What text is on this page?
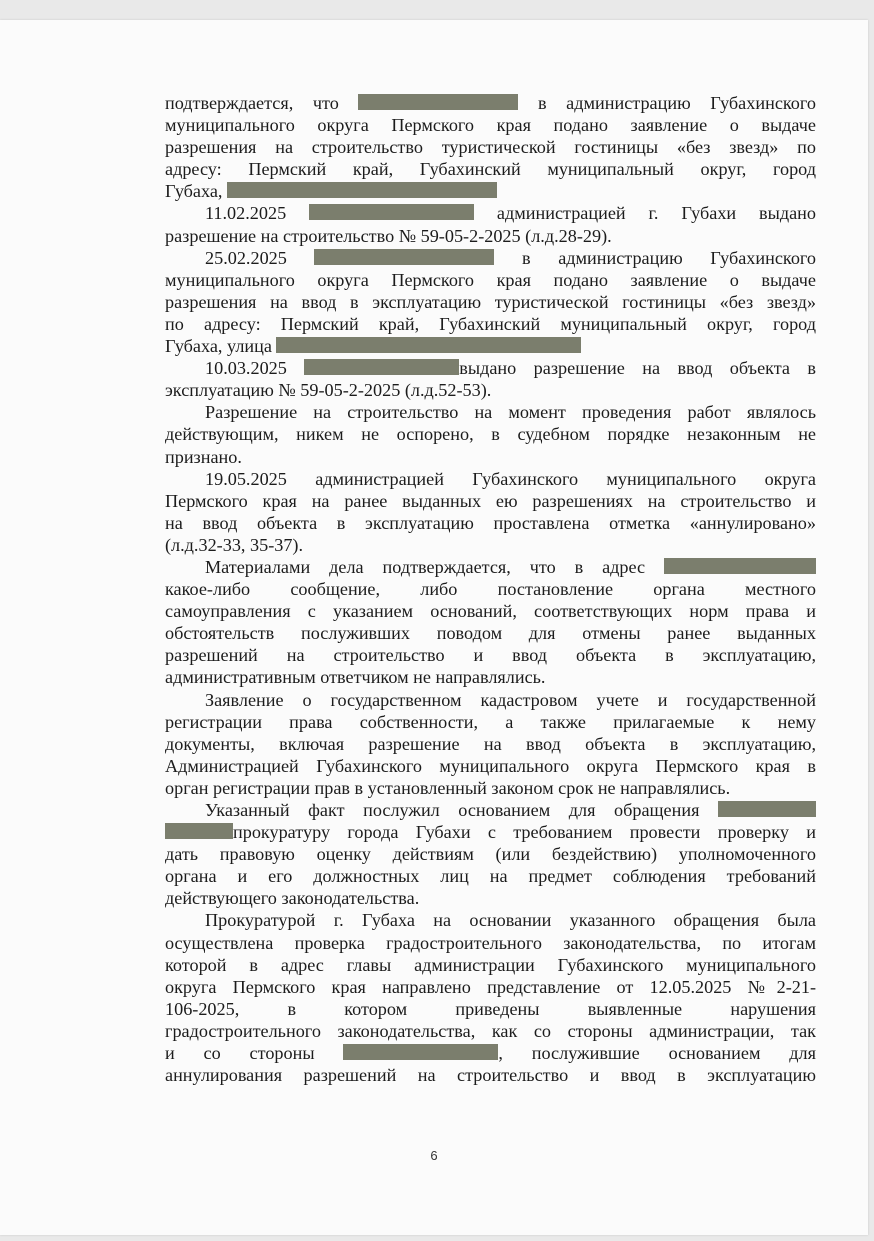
подтверждается, что	в администрацию Губахинского

муниципального округа Пермского края подано заявление о выдаче

разрешения на строительство туристической гостиницы «без звезд» по

адресу: Пермский край, Губахинский муниципальный округ, город

Губаха,

11.02.2025	администрацией г. Губахи выдано

разрешение на строительство № 59-05-2-2025 (л.д.28-29).

25.02.2025	в администрацию Губахинского

муниципального округа Пермского края подано заявление о выдаче

разрешения на ввод в эксплуатацию туристической гостиницы «без звезд»

по адресу: Пермский край, Губахинский муниципальный округ, город

Губаха, улица

10.03.2025	выдано разрешение на ввод объекта в

эксплуатацию № 59-05-2-2025 (л.д.52-53).

Разрешение на строительство на момент проведения работ являлось

действующим, никем не оспорено, в судебном порядке незаконным не

признано.

19.05.2025 администрацией Губахинского муниципального округа

Пермского края на ранее выданных ею разрешениях на строительство и

на ввод объекта в эксплуатацию проставлена отметка «аннулировано»

(л.д.32-33, 35-37).

Материалами дела подтверждается, что в адрес

какое-либо сообщение, либо постановление органа местного

самоуправления с указанием оснований, соответствующих норм права и

обстоятельств послуживших поводом для отмены ранее выданных

разрешений на строительство и ввод объекта в эксплуатацию,

административным ответчиком не направлялись.

Заявление о государственном кадастровом учете и государственной

регистрации права собственности, а также прилагаемые к нему

документы, включая разрешение на ввод объекта в эксплуатацию,

Администрацией Губахинского муниципального округа Пермского края в

орган регистрации прав в установленный законом срок не направлялись.

Указанный факт послужил основанием для обращения

прокуратуру города Губахи с требованием провести проверку и

дать правовую оценку действиям (или бездействию) уполномоченного

органа и его должностных лиц на предмет соблюдения требований

действующего законодательства.

Прокуратурой г. Губаха на основании указанного обращения была

осуществлена проверка градостроительного законодательства, по итогам

которой в адрес главы администрации Губахинского муниципального

округа Пермского края направлено представление от 12.05.2025 №2-21-

106-2025, в котором приведены выявленные нарушения

градостроительного законодательства, как со стороны администрации, так

и со стороны	, послужившие основанием для

аннулирования разрешений на строительство и ввод в эксплуатацию

6
